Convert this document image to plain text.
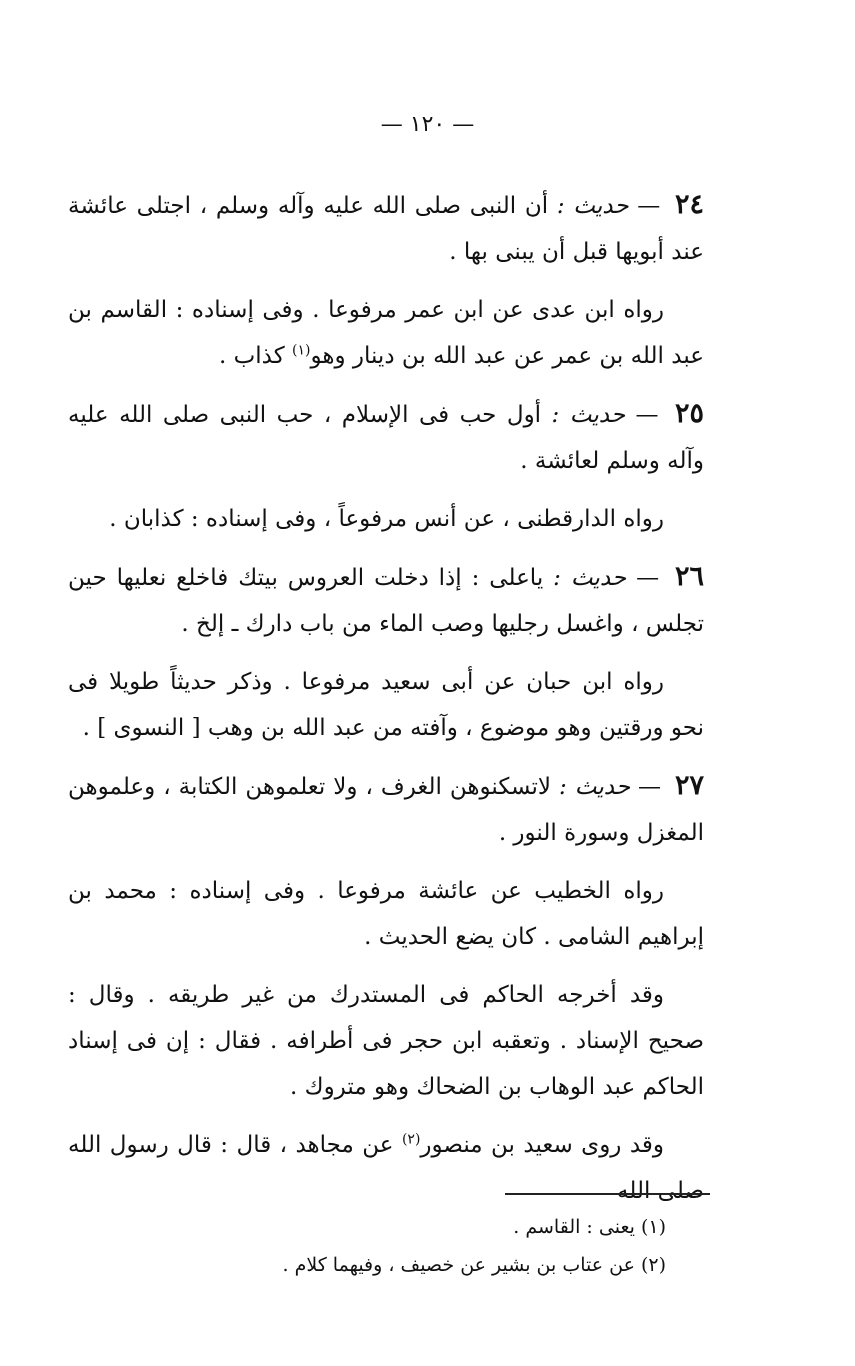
— ١٢٠ —

٢٤ — حديث : أن النبى صلى الله عليه وآله وسلم ، اجتلى عائشة عند أبويها قبل أن يبنى بها .

رواه ابن عدى عن ابن عمر مرفوعا . وفى إسناده : القاسم بن عبد الله بن عمر عن عبد الله بن دينار وهو$^{(١)}$ كذاب .

٢٥ — حديث : أول حب فى الإسلام ، حب النبى صلى الله عليه وآله وسلم لعائشة .

رواه الدارقطنى ، عن أنس مرفوعاً ، وفى إسناده : كذابان .

٢٦ — حديث : ياعلى : إذا دخلت العروس بيتك فاخلع نعليها حين تجلس ، واغسل رجليها وصب الماء من باب دارك ـ إلخ .

رواه ابن حبان عن أبى سعيد مرفوعا . وذكر حديثاً طويلا فى نحو ورقتين وهو موضوع ، وآفته من عبد الله بن وهب [ النسوى ] .

٢٧ — حديث : لاتسكنوهن الغرف ، ولا تعلموهن الكتابة ، وعلموهن المغزل وسورة النور .

رواه الخطيب عن عائشة مرفوعا . وفى إسناده : محمد بن إبراهيم الشامى . كان يضع الحديث .

وقد أخرجه الحاكم فى المستدرك من غير طريقه . وقال : صحيح الإسناد . وتعقبه ابن حجر فى أطرافه . فقال : إن فى إسناد الحاكم عبد الوهاب بن الضحاك وهو متروك .

وقد روى سعيد بن منصور$^{(٢)}$ عن مجاهد ، قال : قال رسول الله صلى الله

(١) يعنى : القاسم .

(٢) عن عتاب بن بشير عن خصيف ، وفيهما كلام .
